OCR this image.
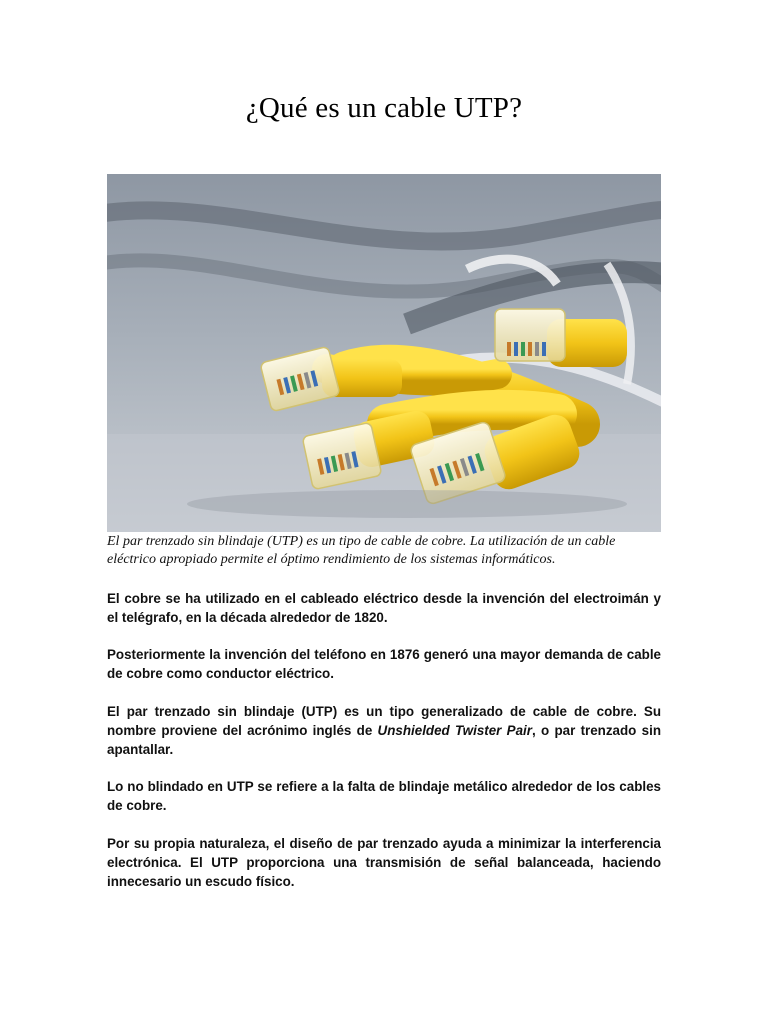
¿Qué es un cable UTP?

El par trenzado sin blindaje (UTP) es un tipo de cable de cobre. La utilización de un cable eléctrico apropiado permite el óptimo rendimiento de los sistemas informáticos.

El cobre se ha utilizado en el cableado eléctrico desde la invención del electroimán y el telégrafo, en la década alrededor de 1820.

Posteriormente la invención del teléfono en 1876 generó una mayor demanda de cable de cobre como conductor eléctrico.

El par trenzado sin blindaje (UTP) es un tipo generalizado de cable de cobre. Su nombre proviene del acrónimo inglés de Unshielded Twister Pair, o par trenzado sin apantallar.

Lo no blindado en UTP se refiere a la falta de blindaje metálico alrededor de los cables de cobre.

Por su propia naturaleza, el diseño de par trenzado ayuda a minimizar la interferencia electrónica. El UTP proporciona una transmisión de señal balanceada, haciendo innecesario un escudo físico.
